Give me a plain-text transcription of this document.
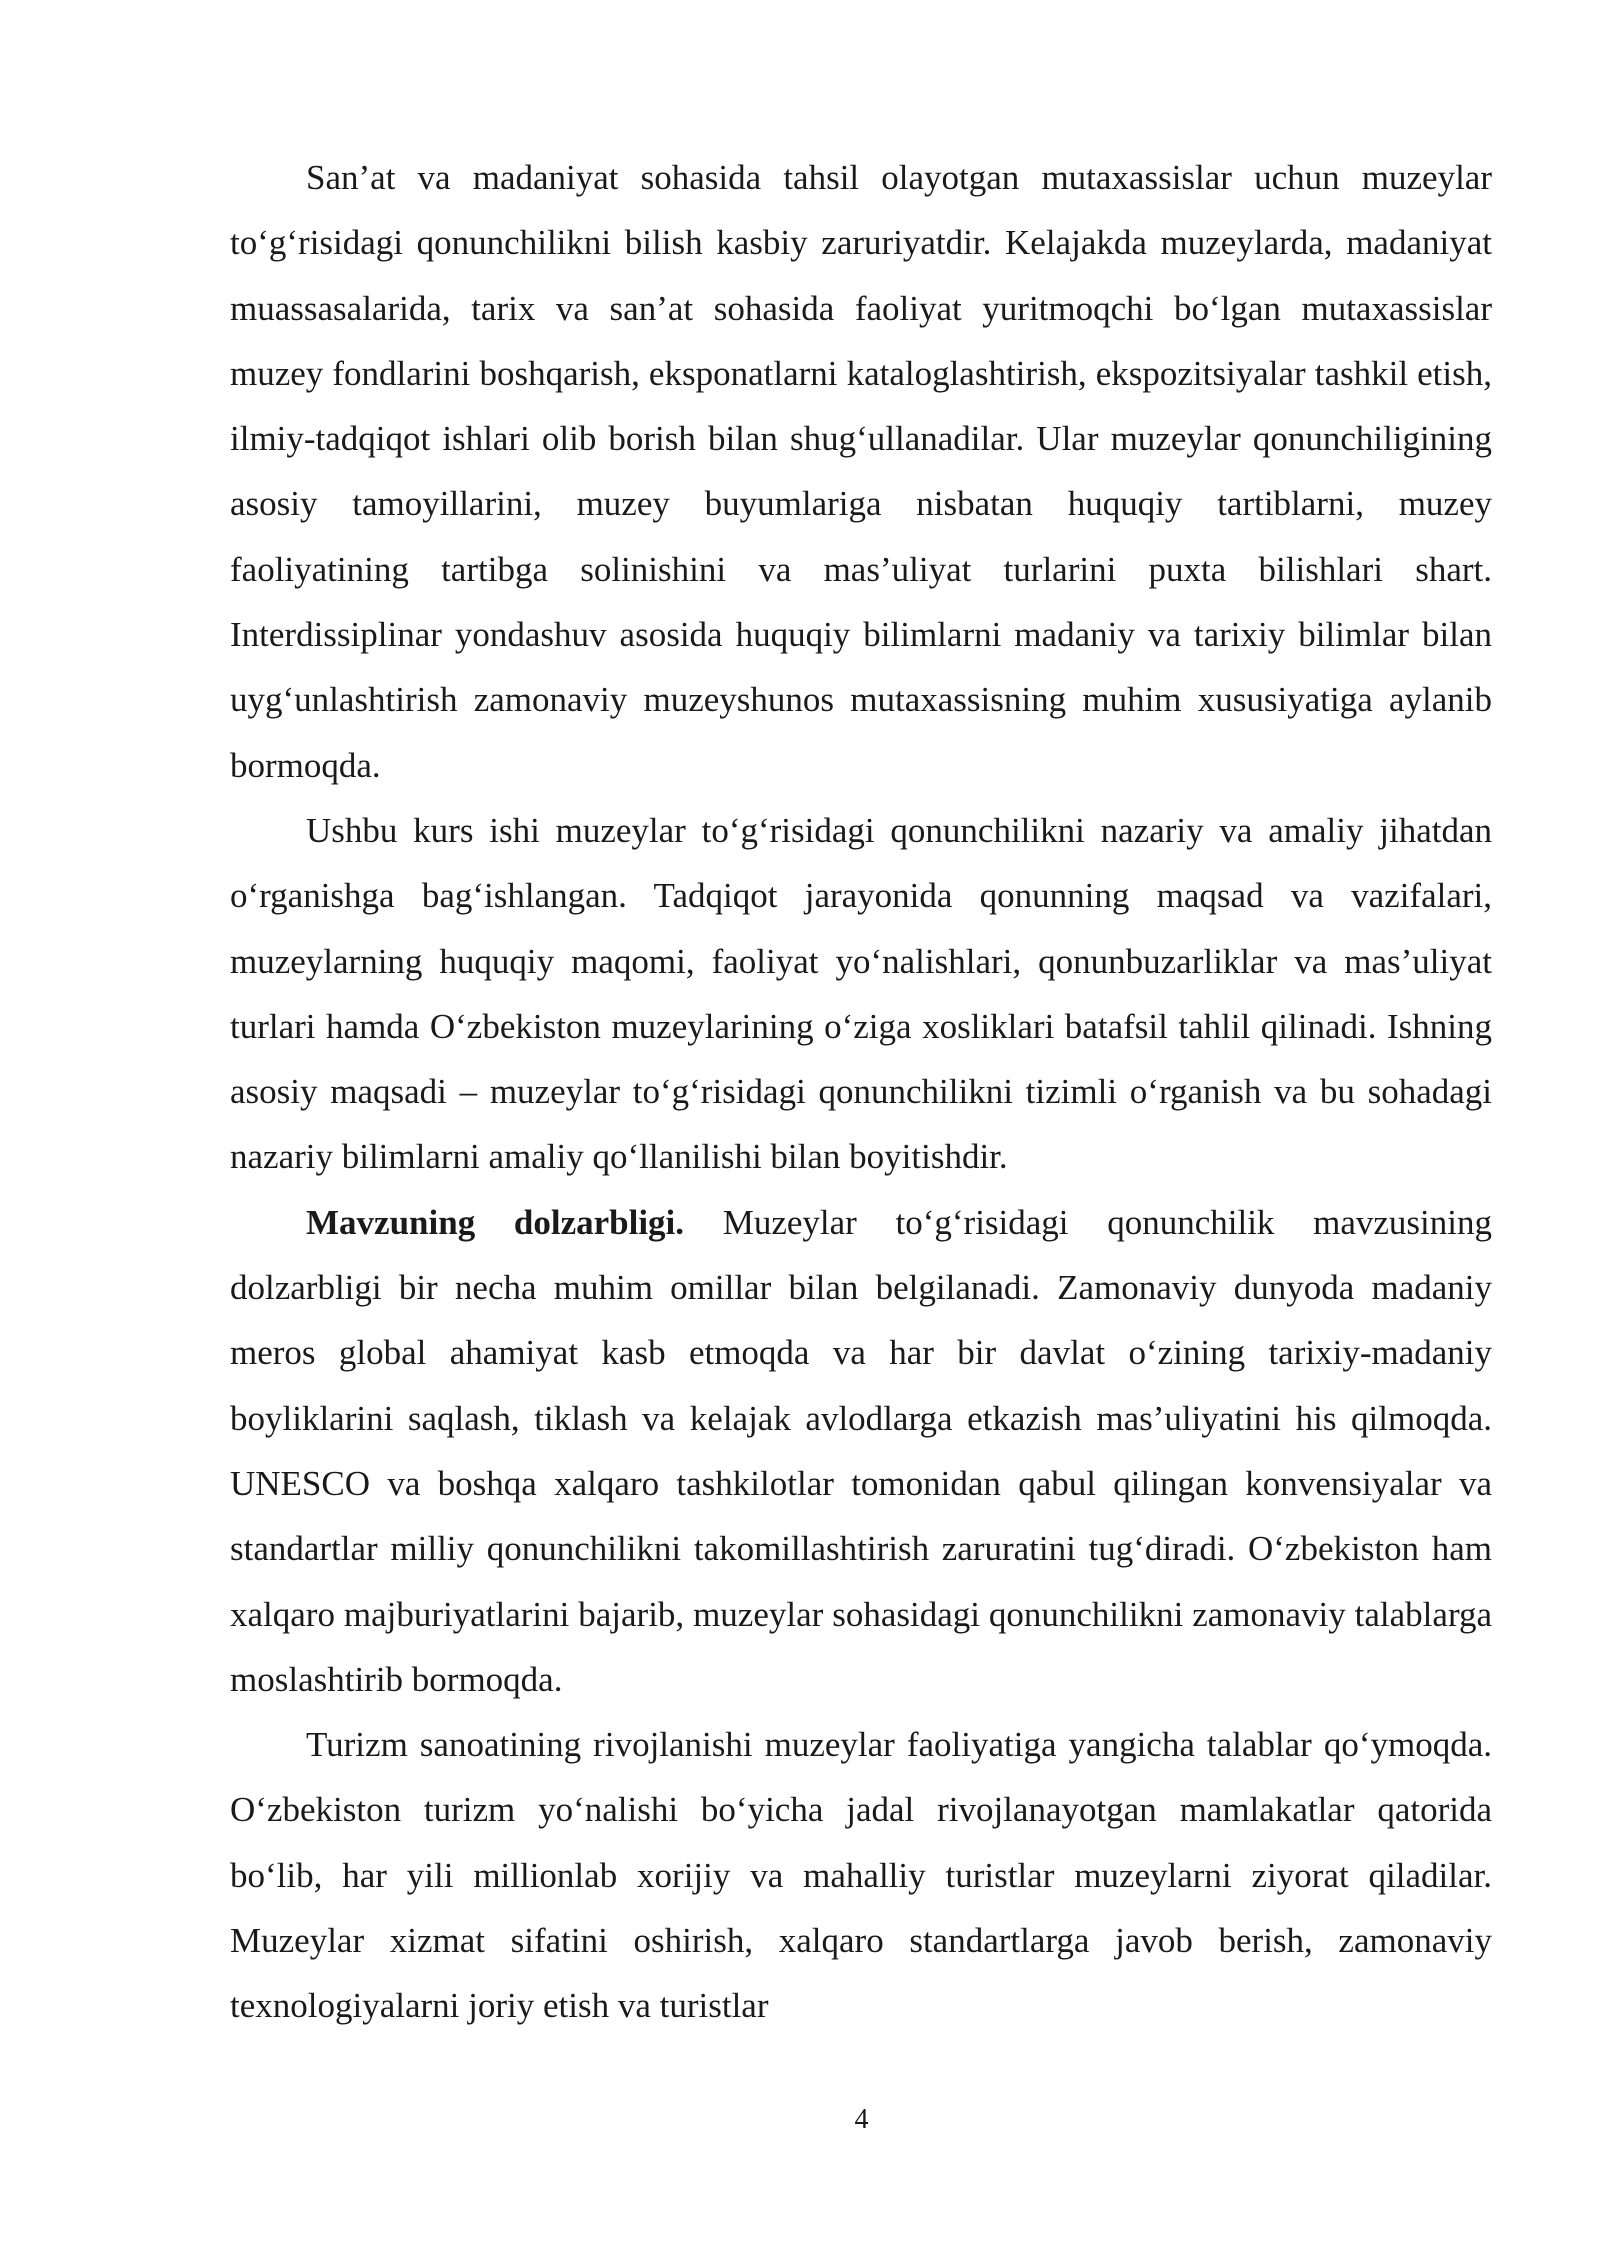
San’at va madaniyat sohasida tahsil olayotgan mutaxassislar uchun muzeylar to‘g‘risidagi qonunchilikni bilish kasbiy zaruriyatdir. Kelajakda muzeylarda, madaniyat muassasalarida, tarix va san’at sohasida faoliyat yuritmoqchi bo‘lgan mutaxassislar muzey fondlarini boshqarish, eksponatlarni kataloglashtirish, ekspozitsiyalar tashkil etish, ilmiy-tadqiqot ishlari olib borish bilan shug‘ullanadilar. Ular muzeylar qonunchiligining asosiy tamoyillarini, muzey buyumlariga nisbatan huquqiy tartiblarni, muzey faoliyatining tartibga solinishini va mas’uliyat turlarini puxta bilishlari shart. Interdissiplinar yondashuv asosida huquqiy bilimlarni madaniy va tarixiy bilimlar bilan uyg‘unlashtirish zamonaviy muzeyshunos mutaxassisning muhim xususiyatiga aylanib bormoqda.

Ushbu kurs ishi muzeylar to‘g‘risidagi qonunchilikni nazariy va amaliy jihatdan o‘rganishga bag‘ishlangan. Tadqiqot jarayonida qonunning maqsad va vazifalari, muzeylarning huquqiy maqomi, faoliyat yo‘nalishlari, qonunbuzarliklar va mas’uliyat turlari hamda O‘zbekiston muzeylarining o‘ziga xosliklari batafsil tahlil qilinadi. Ishning asosiy maqsadi – muzeylar to‘g‘risidagi qonunchilikni tizimli o‘rganish va bu sohadagi nazariy bilimlarni amaliy qo‘llanilishi bilan boyitishdir.

Mavzuning dolzarbligi. Muzeylar to‘g‘risidagi qonunchilik mavzusining dolzarbligi bir necha muhim omillar bilan belgilanadi. Zamonaviy dunyoda madaniy meros global ahamiyat kasb etmoqda va har bir davlat o‘zining tarixiy-madaniy boyliklarini saqlash, tiklash va kelajak avlodlarga etkazish mas’uliyatini his qilmoqda. UNESCO va boshqa xalqaro tashkilotlar tomonidan qabul qilingan konvensiyalar va standartlar milliy qonunchilikni takomillashtirish zaruratini tug‘diradi. O‘zbekiston ham xalqaro majburiyatlarini bajarib, muzeylar sohasidagi qonunchilikni zamonaviy talablarga moslashtirib bormoqda.

Turizm sanoatining rivojlanishi muzeylar faoliyatiga yangicha talablar qo‘ymoqda. O‘zbekiston turizm yo‘nalishi bo‘yicha jadal rivojlanayotgan mamlakatlar qatorida bo‘lib, har yili millionlab xorijiy va mahalliy turistlar muzeylarni ziyorat qiladilar. Muzeylar xizmat sifatini oshirish, xalqaro standartlarga javob berish, zamonaviy texnologiyalarni joriy etish va turistlar

4
